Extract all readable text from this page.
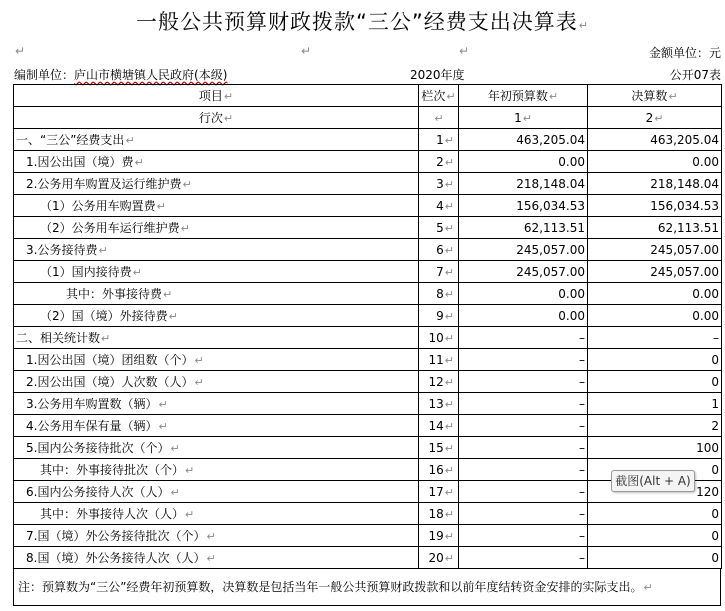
一般公共预算财政拨款“三公”经费支出决算表↵
↵	↵	↵	金额单位：元
编制单位：庐山市横塘镇人民政府(本级)	2020年度	公开07表
项目↵	栏次↵	年初预算数↵	决算数↵
行次↵	↵	1↵	2↵
一、“三公”经费支出↵	1↵	463,205.04	463,205.04
1.因公出国（境）费↵	2↵	0.00	0.00
2.公务用车购置及运行维护费↵	3↵	218,148.04	218,148.04
（1）公务用车购置费↵	4↵	156,034.53	156,034.53
（2）公务用车运行维护费↵	5↵	62,113.51	62,113.51
3.公务接待费↵	6↵	245,057.00	245,057.00
（1）国内接待费↵	7↵	245,057.00	245,057.00
其中：外事接待费↵	8↵	0.00	0.00
（2）国（境）外接待费↵	9↵	0.00	0.00
二、相关统计数↵	10↵	–	–
1.因公出国（境）团组数（个）↵	11↵	–	0
2.因公出国（境）人次数（人）↵	12↵	–	0
3.公务用车购置数（辆）↵	13↵	–	1
4.公务用车保有量（辆）↵	14↵	–	2
5.国内公务接待批次（个）↵	15↵	–	100
其中：外事接待批次（个）↵	16↵	–	0
6.国内公务接待人次（人）↵	17↵	–	120
其中：外事接待人次（人）↵	18↵	–	0
7.国（境）外公务接待批次（个）↵	19↵	–	0
8.国（境）外公务接待人次（人）↵	20↵	–	0
注：预算数为“三公”经费年初预算数，决算数是包括当年一般公共预算财政拨款和以前年度结转资金安排的实际支出。↵
截图(Alt + A)
